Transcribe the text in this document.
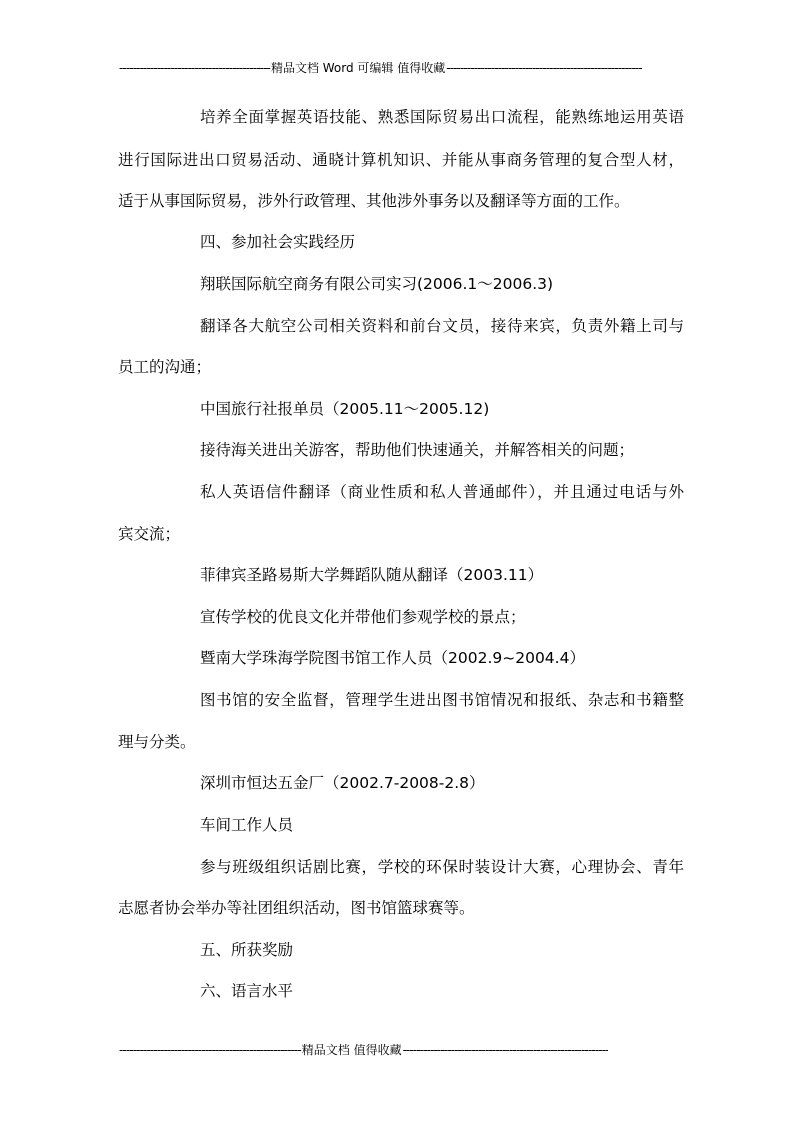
--------------------------------------------精品文档 Word 可编辑 值得收藏---------------------------------------------------------
培养全面掌握英语技能、熟悉国际贸易出口流程，能熟练地运用英语
进行国际进出口贸易活动、通晓计算机知识、并能从事商务管理的复合型人材，
适于从事国际贸易，涉外行政管理、其他涉外事务以及翻译等方面的工作。
四、参加社会实践经历
翔联国际航空商务有限公司实习(2006.1～2006.3)
翻译各大航空公司相关资料和前台文员，接待来宾，负责外籍上司与
员工的沟通；
中国旅行社报单员（2005.11～2005.12)
接待海关进出关游客，帮助他们快速通关，并解答相关的问题；
私人英语信件翻译（商业性质和私人普通邮件），并且通过电话与外
宾交流；
菲律宾圣路易斯大学舞蹈队随从翻译（2003.11）
宣传学校的优良文化并带他们参观学校的景点；
暨南大学珠海学院图书馆工作人员（2002.9~2004.4）
图书馆的安全监督，管理学生进出图书馆情况和报纸、杂志和书籍整
理与分类。
深圳市恒达五金厂（2002.7-2008-2.8）
车间工作人员
参与班级组织话剧比赛，学校的环保时装设计大赛，心理协会、青年
志愿者协会举办等社团组织活动，图书馆篮球赛等。
五、所获奖励
六、语言水平
-----------------------------------------------------精品文档 值得收藏------------------------------------------------------------
